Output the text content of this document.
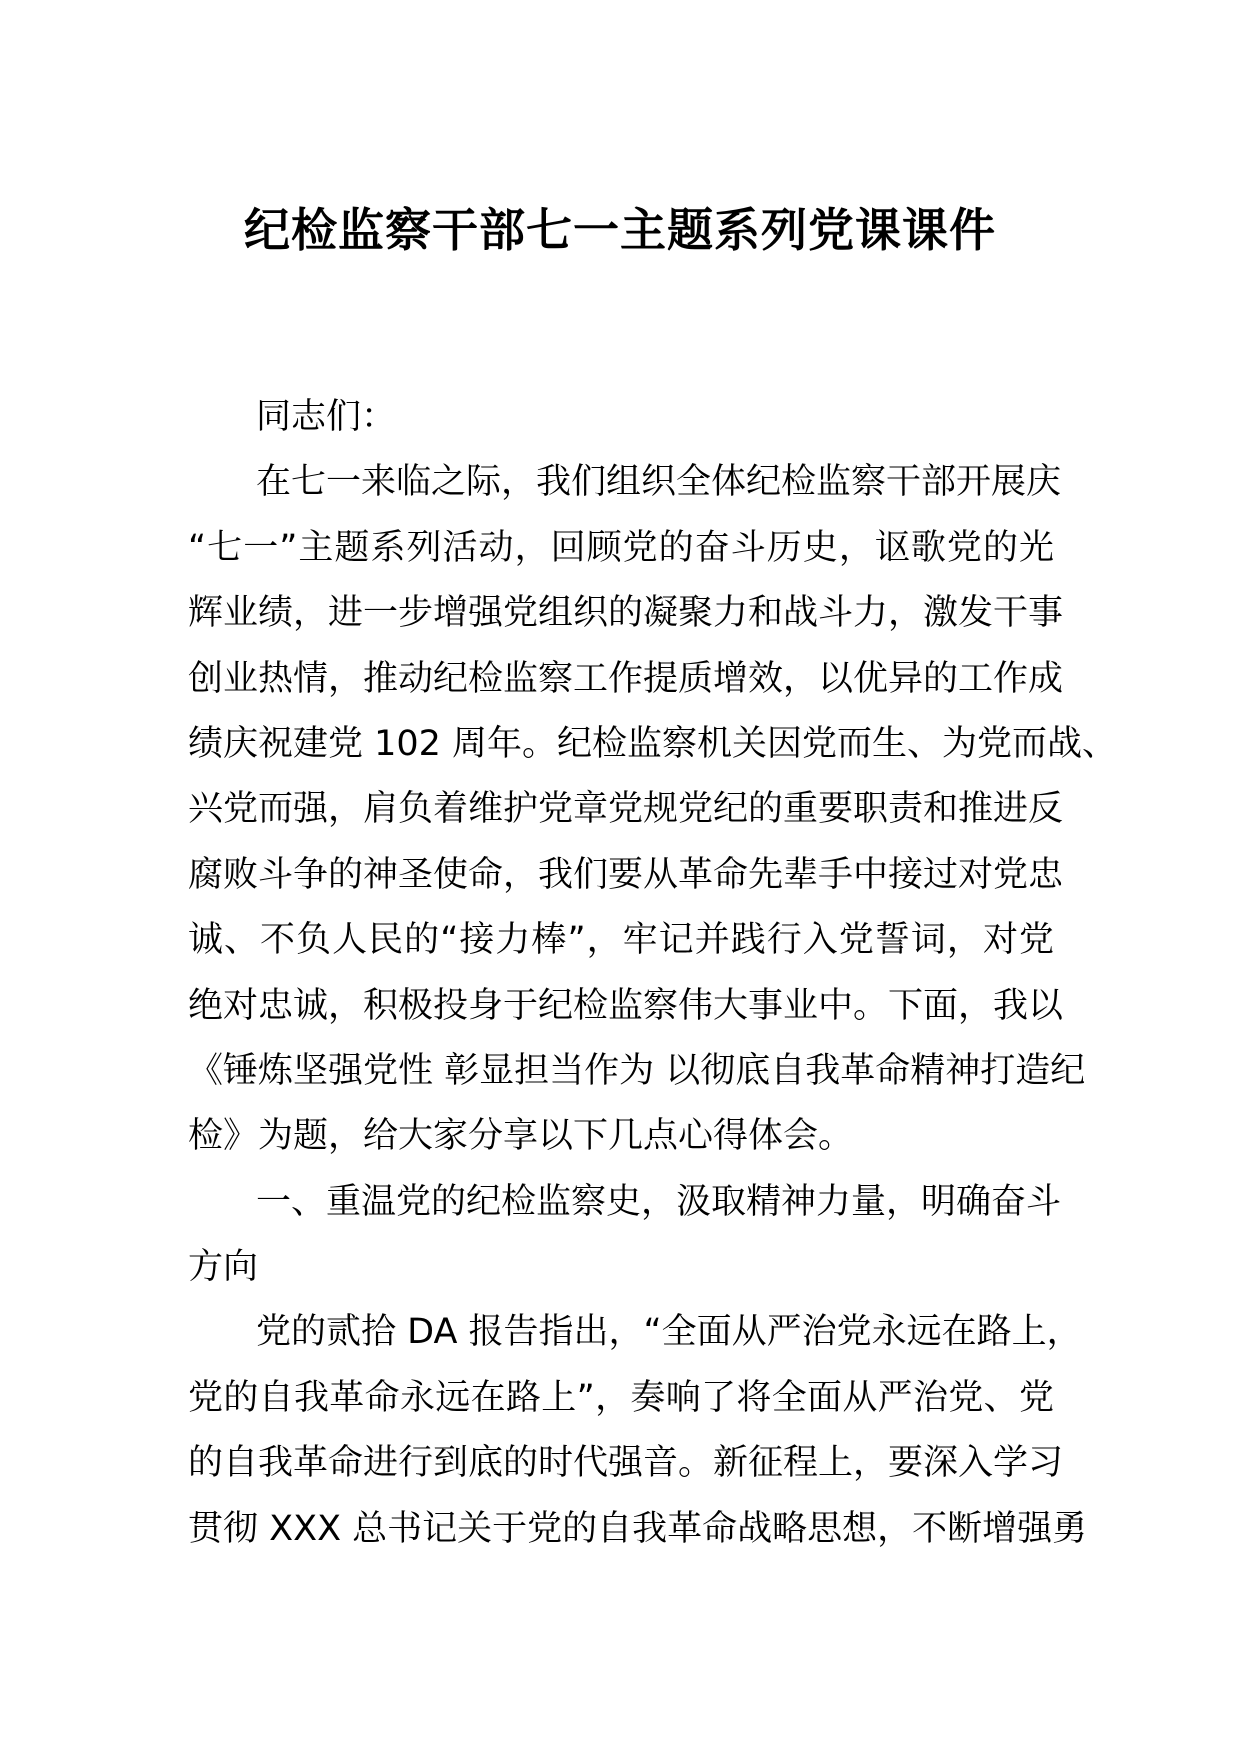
纪检监察干部七一主题系列党课课件
同志们：
在七一来临之际，我们组织全体纪检监察干部开展庆
“七一”主题系列活动，回顾党的奋斗历史，讴歌党的光
辉业绩，进一步增强党组织的凝聚力和战斗力，激发干事
创业热情，推动纪检监察工作提质增效，以优异的工作成
绩庆祝建党 102 周年。纪检监察机关因党而生、为党而战、
兴党而强，肩负着维护党章党规党纪的重要职责和推进反
腐败斗争的神圣使命，我们要从革命先辈手中接过对党忠
诚、不负人民的“接力棒”，牢记并践行入党誓词，对党
绝对忠诚，积极投身于纪检监察伟大事业中。下面，我以
《锤炼坚强党性 彰显担当作为 以彻底自我革命精神打造纪
检》为题，给大家分享以下几点心得体会。
一、重温党的纪检监察史，汲取精神力量，明确奋斗
方向
党的贰拾 DA 报告指出，“全面从严治党永远在路上，
党的自我革命永远在路上”，奏响了将全面从严治党、党
的自我革命进行到底的时代强音。新征程上，要深入学习
贯彻 XXX 总书记关于党的自我革命战略思想，不断增强勇
